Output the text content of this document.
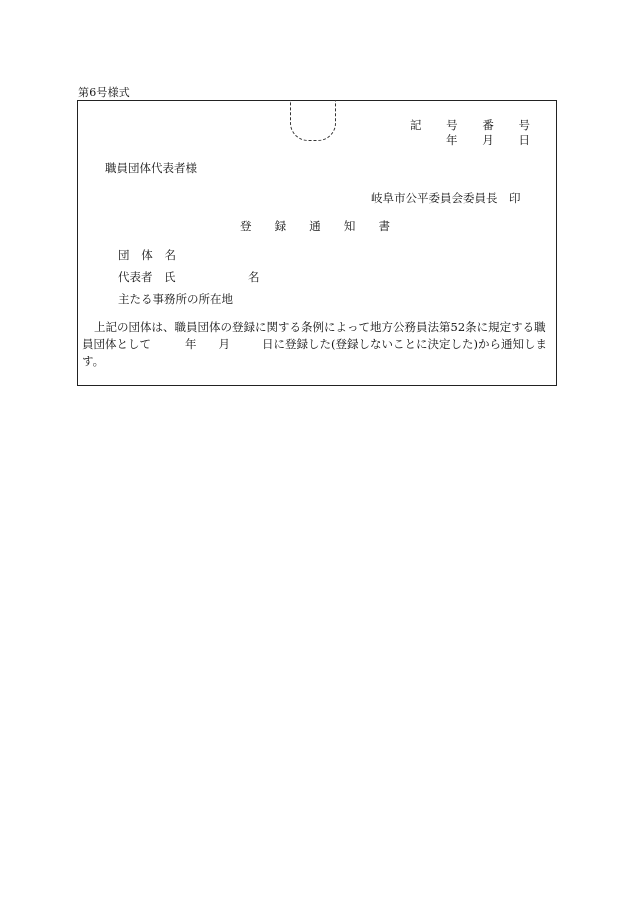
第6号様式
記 号 番 号
年 月 日
職員団体代表者様
岐阜市公平委員会委員長　印
登 録 通 知 書
団 体 名
代表者　氏	名
主たる事務所の所在地
上記の団体は、職員団体の登録に関する条例によって地方公務員法第52条に規定する職
員団体として	年 月	日に登録した(登録しないことに決定した)から通知しま
す。
